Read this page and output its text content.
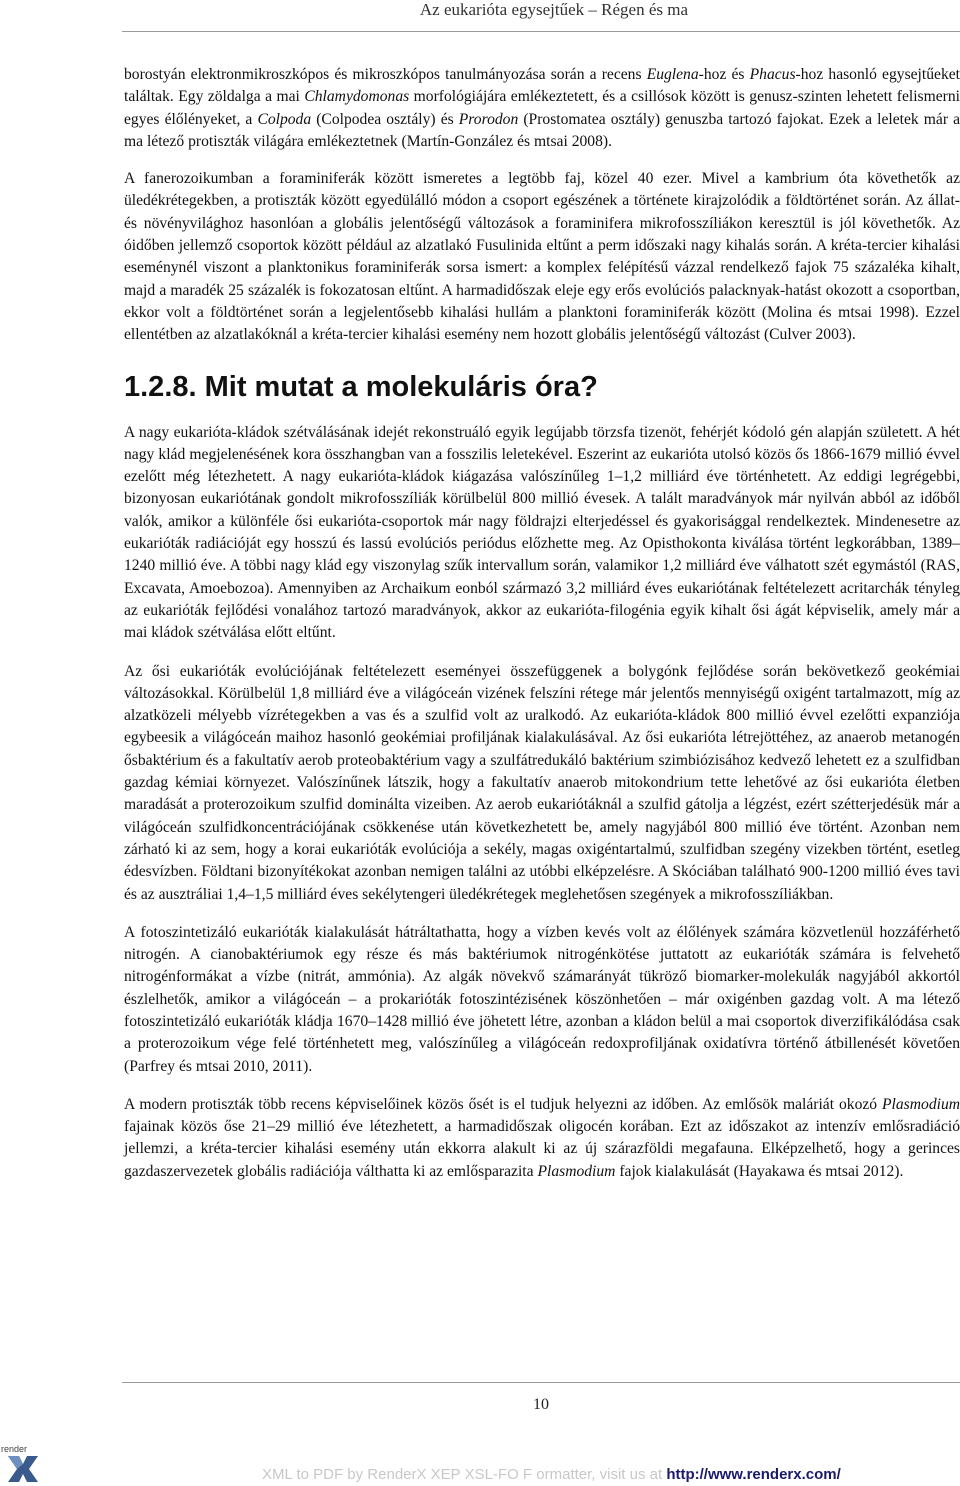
Az eukarióta egysejtűek – Régen és ma

borostyán elektronmikroszkópos és mikroszkópos tanulmányozása során a recens Euglena-hoz és Phacus-hoz hasonló egysejtűeket találtak. Egy zöldalga a mai Chlamydomonas morfológiájára emlékeztetett, és a csillósok között is genusz-szinten lehetett felismerni egyes élőlényeket, a Colpoda (Colpodea osztály) és Prorodon (Prostomatea osztály) genuszba tartozó fajokat. Ezek a leletek már a ma létező protiszták világára emlékeztetnek (Martín-González és mtsai 2008).

A fanerozoikumban a foraminiferák között ismeretes a legtöbb faj, közel 40 ezer. Mivel a kambrium óta követhetők az üledékrétegekben, a protiszták között egyedülálló módon a csoport egészének a története kirajzolódik a földtörténet során. Az állat- és növényvilághoz hasonlóan a globális jelentőségű változások a foraminifera mikrofosszíliákon keresztül is jól követhetők. Az óidőben jellemző csoportok között például az alzatlakó Fusulinida eltűnt a perm időszaki nagy kihalás során. A kréta-tercier kihalási eseménynél viszont a planktonikus foraminiferák sorsa ismert: a komplex felépítésű vázzal rendelkező fajok 75 százaléka kihalt, majd a maradék 25 százalék is fokozatosan eltűnt. A harmadidőszak eleje egy erős evolúciós palacknyak-hatást okozott a csoportban, ekkor volt a földtörténet során a legjelentősebb kihalási hullám a planktoni foraminiferák között (Molina és mtsai 1998). Ezzel ellentétben az alzatlakóknál a kréta-tercier kihalási esemény nem hozott globális jelentőségű változást (Culver 2003).

1.2.8. Mit mutat a molekuláris óra?

A nagy eukarióta-kládok szétválásának idejét rekonstruáló egyik legújabb törzsfa tizenöt, fehérjét kódoló gén alapján született. A hét nagy klád megjelenésének kora összhangban van a fosszilis leletekével. Eszerint az eukarióta utolsó közös ős 1866-1679 millió évvel ezelőtt még létezhetett. A nagy eukarióta-kládok kiágazása valószínűleg 1–1,2 milliárd éve történhetett. Az eddigi legrégebbi, bizonyosan eukariótának gondolt mikrofosszíliák körülbelül 800 millió évesek. A talált maradványok már nyilván abból az időből valók, amikor a különféle ősi eukarióta-csoportok már nagy földrajzi elterjedéssel és gyakorisággal rendelkeztek. Mindenesetre az eukarióták radiációját egy hosszú és lassú evolúciós periódus előzhette meg. Az Opisthokonta kiválása történt legkorábban, 1389–1240 millió éve. A többi nagy klád egy viszonylag szűk intervallum során, valamikor 1,2 milliárd éve válhatott szét egymástól (RAS, Excavata, Amoebozoa). Amennyiben az Archaikum eonból származó 3,2 milliárd éves eukariótának feltételezett acritarchák tényleg az eukarióták fejlődési vonalához tartozó maradványok, akkor az eukarióta-filogénia egyik kihalt ősi ágát képviselik, amely már a mai kládok szétválása előtt eltűnt.

Az ősi eukarióták evolúciójának feltételezett eseményei összefüggenek a bolygónk fejlődése során bekövetkező geokémiai változásokkal. Körülbelül 1,8 milliárd éve a világóceán vizének felszíni rétege már jelentős mennyiségű oxigént tartalmazott, míg az alzatközeli mélyebb vízrétegekben a vas és a szulfid volt az uralkodó. Az eukarióta-kládok 800 millió évvel ezelőtti expanziója egybeesik a világóceán maihoz hasonló geokémiai profiljának kialakulásával. Az ősi eukarióta létrejöttéhez, az anaerob metanogén ősbaktérium és a fakultatív aerob proteobaktérium vagy a szulfátredukáló baktérium szimbiózisához kedvező lehetett ez a szulfidban gazdag kémiai környezet. Valószínűnek látszik, hogy a fakultatív anaerob mitokondrium tette lehetővé az ősi eukarióta életben maradását a proterozoikum szulfid dominálta vizeiben. Az aerob eukariótáknál a szulfid gátolja a légzést, ezért szétterjedésük már a világóceán szulfidkoncentrációjának csökkenése után következhetett be, amely nagyjából 800 millió éve történt. Azonban nem zárható ki az sem, hogy a korai eukarióták evolúciója a sekély, magas oxigéntartalmú, szulfidban szegény vizekben történt, esetleg édesvízben. Földtani bizonyítékokat azonban nemigen találni az utóbbi elképzelésre. A Skóciában található 900-1200 millió éves tavi és az ausztráliai 1,4–1,5 milliárd éves sekélytengeri üledékrétegek meglehetősen szegények a mikrofosszíliákban.

A fotoszintetizáló eukarióták kialakulását hátráltathatta, hogy a vízben kevés volt az élőlények számára közvetlenül hozzáférhető nitrogén. A cianobaktériumok egy része és más baktériumok nitrogénkötése juttatott az eukarióták számára is felvehető nitrogénformákat a vízbe (nitrát, ammónia). Az algák növekvő számarányát tükröző biomarker-molekulák nagyjából akkortól észlelhetők, amikor a világóceán – a prokarióták fotoszintézisének köszönhetően – már oxigénben gazdag volt. A ma létező fotoszintetizáló eukarióták kládja 1670–1428 millió éve jöhetett létre, azonban a kládon belül a mai csoportok diverzifikálódása csak a proterozoikum vége felé történhetett meg, valószínűleg a világóceán redoxprofiljának oxidatívra történő átbillenését követően (Parfrey és mtsai 2010, 2011).

A modern protiszták több recens képviselőinek közös ősét is el tudjuk helyezni az időben. Az emlősök maláriát okozó Plasmodium fajainak közös őse 21–29 millió éve létezhetett, a harmadidőszak oligocén korában. Ezt az időszakot az intenzív emlősradiáció jellemzi, a kréta-tercier kihalási esemény után ekkorra alakult ki az új szárazföldi megafauna. Elképzelhető, hogy a gerinces gazdaszervezetek globális radiációja válthatta ki az emlősparazita Plasmodium fajok kialakulását (Hayakawa és mtsai 2012).

10
render
XML to PDF by RenderX XEP XSL-FO F ormatter, visit us at http://www.renderx.com/
